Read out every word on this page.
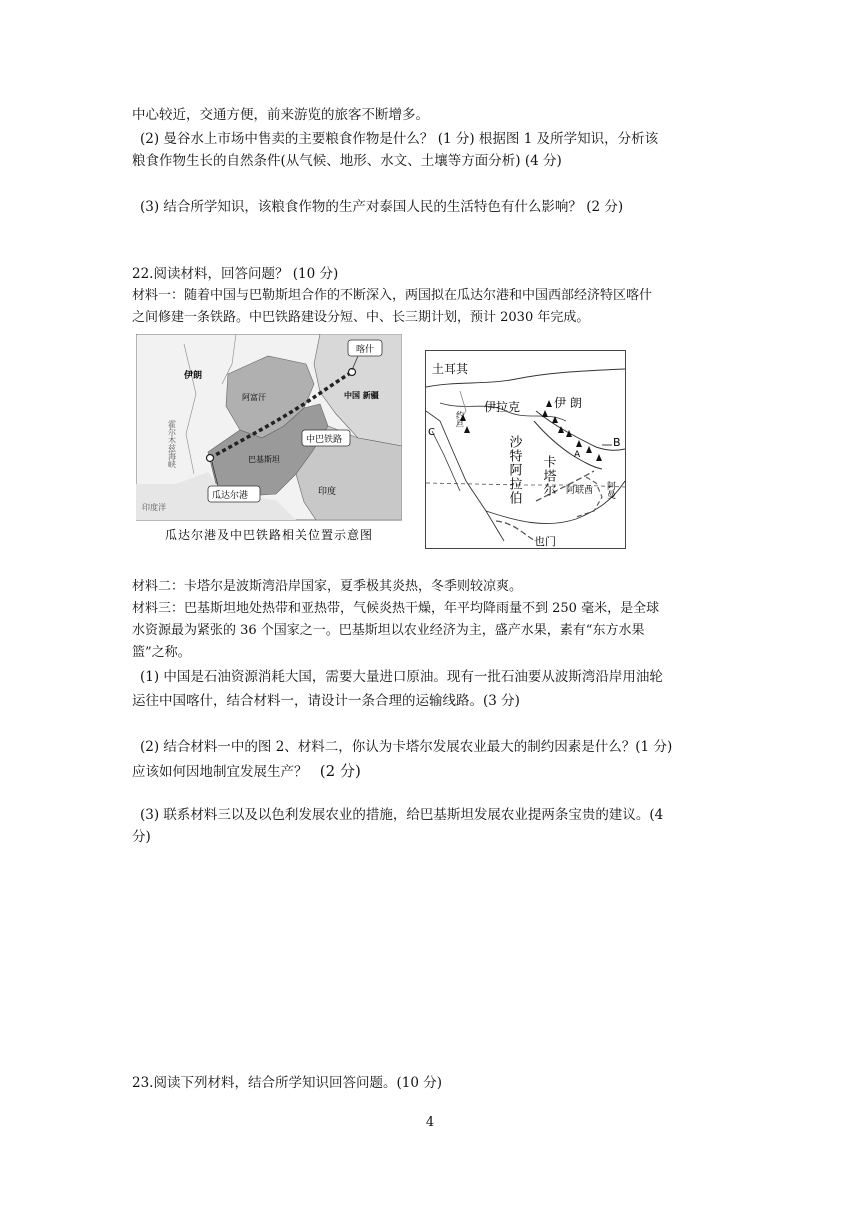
中心较近，交通方便，前来游览的旅客不断增多。
(2) 曼谷水上市场中售卖的主要粮食作物是什么？ (1 分) 根据图 1 及所学知识，分析该
粮食作物生长的自然条件(从气候、地形、水文、土壤等方面分析) (4 分)
(3) 结合所学知识，该粮食作物的生产对泰国人民的生活特色有什么影响？ (2 分)
22.阅读材料，回答问题？ (10 分)
材料一：随着中国与巴勒斯坦合作的不断深入，两国拟在瓜达尔港和中国西部经济特区喀什
之间修建一条铁路。中巴铁路建设分短、中、长三期计划，预计 2030 年完成。
喀什
中巴铁路
瓜达尔港
伊朗
阿富汗
巴基斯坦
印度
印度洋
中国 新疆
霍尔木兹海峡
瓜达尔港及中巴铁路相关位置示意图
B
A
C
土耳其
伊拉克	伊 朗
约旦
沙特阿拉伯 卡塔尔 阿联酋 阿曼
也门
材料二：卡塔尔是波斯湾沿岸国家，夏季极其炎热，冬季则较凉爽。
材料三：巴基斯坦地处热带和亚热带，气候炎热干燥，年平均降雨量不到 250 毫米，是全球
水资源最为紧张的 36 个国家之一。巴基斯坦以农业经济为主，盛产水果，素有“东方水果
篮”之称。
(1) 中国是石油资源消耗大国，需要大量进口原油。现有一批石油要从波斯湾沿岸用油轮
运往中国喀什，结合材料一，请设计一条合理的运输线路。(3 分)
(2) 结合材料一中的图 2、材料二，你认为卡塔尔发展农业最大的制约因素是什么？(1 分)
应该如何因地制宜发展生产？ (2 分)
(3) 联系材料三以及以色利发展农业的措施，给巴基斯坦发展农业提两条宝贵的建议。(4
分)
23.阅读下列材料，结合所学知识回答问题。(10 分)
4
